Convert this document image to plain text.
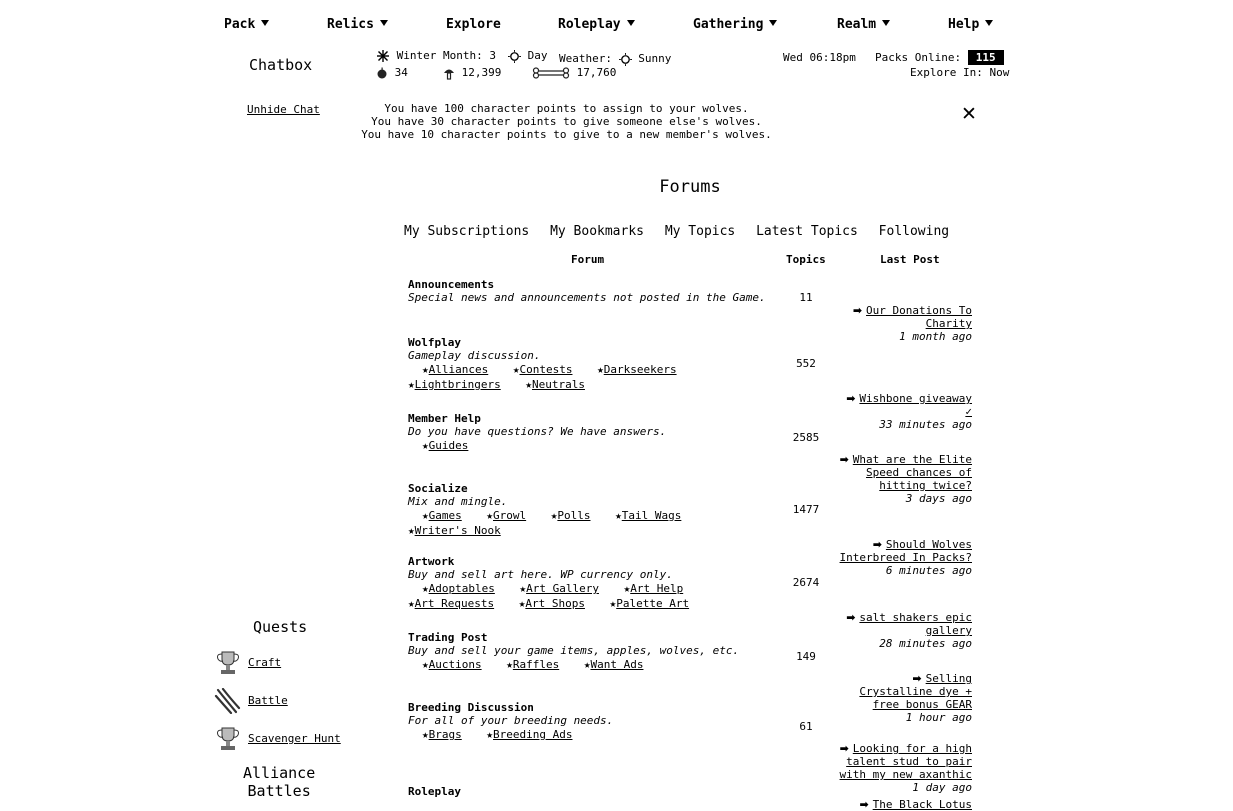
Pack	Relics	Explore	Roleplay	Gathering	Realm	Help
Chatbox
Unhide Chat
Winter Month: 3	Day Weather: Sunny
34	12,399	17,760
Wed 06:18pm Packs Online: 115
Explore In: Now
You have 100 character points to assign to your wolves.
You have 30 character points to give someone else's wolves.
You have 10 character points to give to a new member's wolves.
✕
Forums
My Subscriptions My Bookmarks My Topics Latest Topics Following
Forum	Topics	Last Post
Announcements
Special news and announcements not posted in the Game.	11
➡ Our Donations To Charity
1 month ago
Wolfplay
Gameplay discussion.
★Alliances ★Contests ★Darkseekers ★Lightbringers ★Neutrals
552
➡ Wishbone giveaway ✓
33 minutes ago
Member Help
Do you have questions? We have answers.
★Guides
2585
➡ What are the Elite Speed chances of hitting twice?
3 days ago
Socialize
Mix and mingle.
★Games ★Growl ★Polls ★Tail Wags ★Writer's Nook
1477
➡ Should Wolves Interbreed In Packs?
6 minutes ago
Artwork
Buy and sell art here. WP currency only.
★Adoptables ★Art Gallery ★Art Help ★Art Requests ★Art Shops ★Palette Art
2674
➡ salt shakers epic gallery
28 minutes ago
Trading Post
Buy and sell your game items, apples, wolves, etc.
★Auctions ★Raffles ★Want Ads
149
➡ Selling Crystalline dye + free bonus GEAR
1 hour ago
Breeding Discussion
For all of your breeding needs.
★Brags ★Breeding Ads
61
➡ Looking for a high talent stud to pair with my new axanthic
1 day ago
Roleplay
➡ The Black Lotus
Quests
Craft
Battle
Scavenger Hunt
Alliance
Battles
